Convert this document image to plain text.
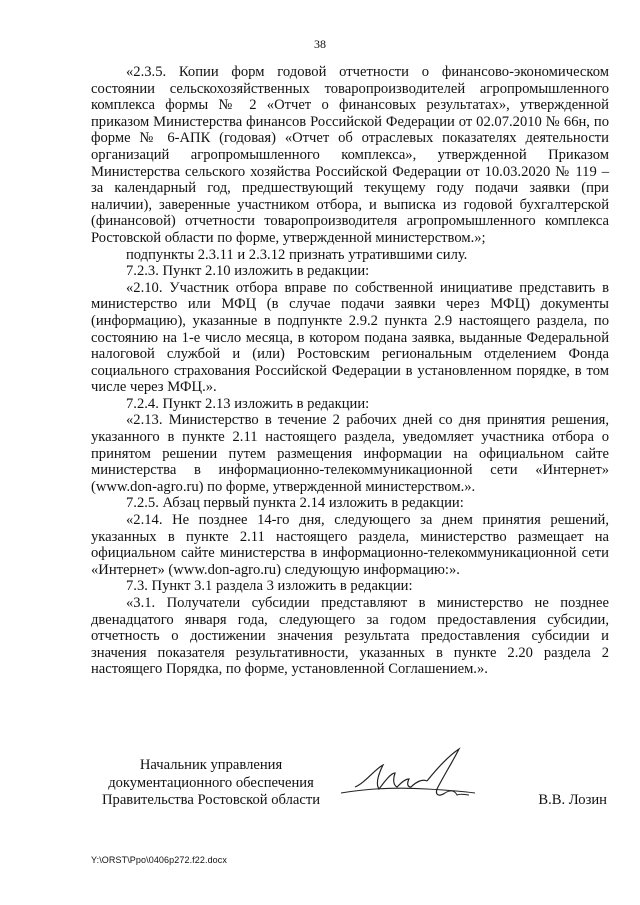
38

«2.3.5. Копии форм годовой отчетности о финансово-экономическом состоянии сельскохозяйственных товаропроизводителей агропромышленного комплекса формы № 2 «Отчет о финансовых результатах», утвержденной приказом Министерства финансов Российской Федерации от 02.07.2010 № 66н, по форме № 6-АПК (годовая) «Отчет об отраслевых показателях деятельности организаций агропромышленного комплекса», утвержденной Приказом Министерства сельского хозяйства Российской Федерации от 10.03.2020 № 119 – за календарный год, предшествующий текущему году подачи заявки (при наличии), заверенные участником отбора, и выписка из годовой бухгалтерской (финансовой) отчетности товаропроизводителя агропромышленного комплекса Ростовской области по форме, утвержденной министерством.»;

подпункты 2.3.11 и 2.3.12 признать утратившими силу.

7.2.3. Пункт 2.10 изложить в редакции:

«2.10. Участник отбора вправе по собственной инициативе представить в министерство или МФЦ (в случае подачи заявки через МФЦ) документы (информацию), указанные в подпункте 2.9.2 пункта 2.9 настоящего раздела, по состоянию на 1-е число месяца, в котором подана заявка, выданные Федеральной налоговой службой и (или) Ростовским региональным отделением Фонда социального страхования Российской Федерации в установленном порядке, в том числе через МФЦ.».

7.2.4. Пункт 2.13 изложить в редакции:

«2.13. Министерство в течение 2 рабочих дней со дня принятия решения, указанного в пункте 2.11 настоящего раздела, уведомляет участника отбора о принятом решении путем размещения информации на официальном сайте министерства в информационно-телекоммуникационной сети «Интернет» (www.don-agro.ru) по форме, утвержденной министерством.».

7.2.5. Абзац первый пункта 2.14 изложить в редакции:

«2.14. Не позднее 14-го дня, следующего за днем принятия решений, указанных в пункте 2.11 настоящего раздела, министерство размещает на официальном сайте министерства в информационно-телекоммуникационной сети «Интернет» (www.don-agro.ru) следующую информацию:».

7.3. Пункт 3.1 раздела 3 изложить в редакции:

«3.1. Получатели субсидии представляют в министерство не позднее двенадцатого января года, следующего за годом предоставления субсидии, отчетность о достижении значения результата предоставления субсидии и значения показателя результативности, указанных в пункте 2.20 раздела 2 настоящего Порядка, по форме, установленной Соглашением.».

Начальник управления
документационного обеспечения
Правительства Ростовской области	В.В. Лозин
Y:\ORST\Ppo\0406p272.f22.docx
